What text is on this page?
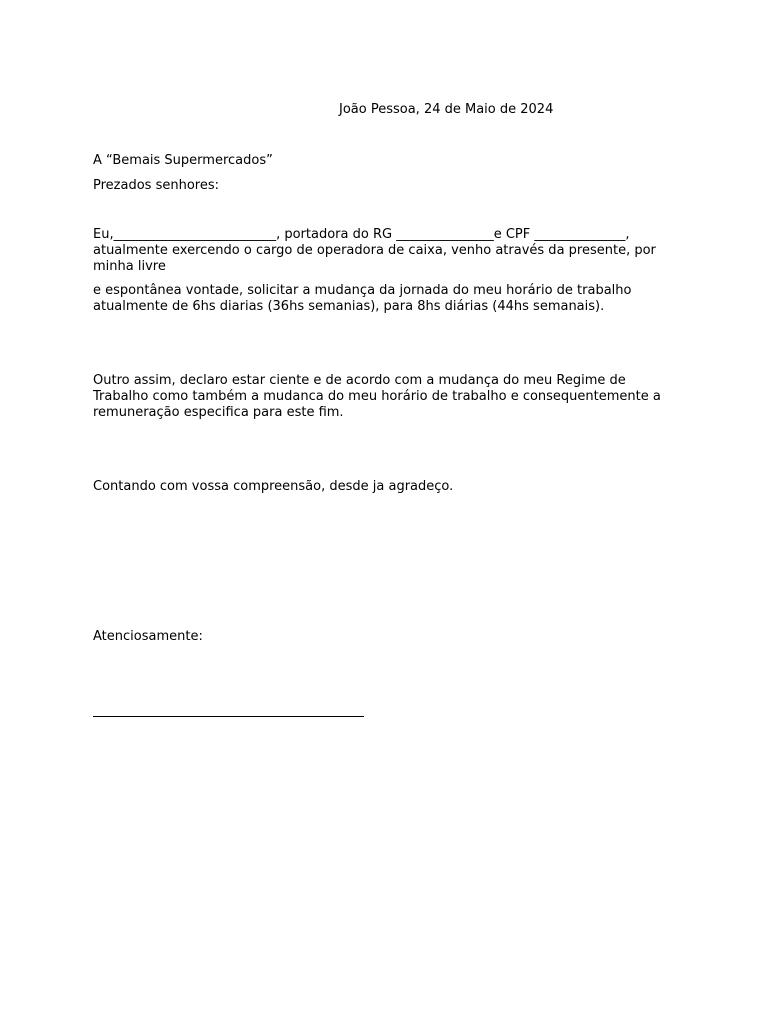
João Pessoa, 24 de Maio de 2024

A “Bemais Supermercados”

Prezados senhores:

Eu,_________________________, portadora do RG _______________e CPF ______________,

atualmente exercendo o cargo de operadora de caixa, venho através da presente, por

minha livre

e espontânea vontade, solicitar a mudança da jornada do meu horário de trabalho

atualmente de 6hs diarias (36hs semanias), para 8hs diárias (44hs semanais).

Outro assim, declaro estar ciente e de acordo com a mudança do meu Regime de

Trabalho como também a mudanca do meu horário de trabalho e consequentemente a

remuneração especifica para este fim.

Contando com vossa compreensão, desde ja agradeço.

Atenciosamente:
